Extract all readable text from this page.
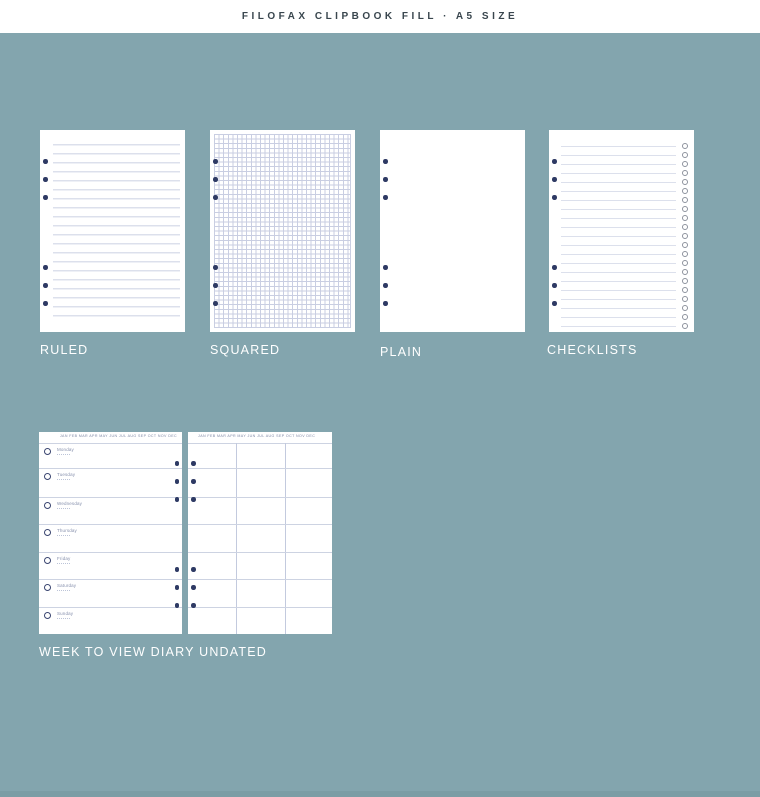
FILOFAX CLIPBOOK FILL · A5 SIZE
RULED	SQUARED	PLAIN	CHECKLISTS
JAN FEB MAR APR MAY JUN JUL AUG SEP OCT NOV DEC
Monday
Tuesday
Wednesday
Thursday
Friday
Saturday
Sunday
JAN FEB MAR APR MAY JUN JUL AUG SEP OCT NOV DEC
WEEK TO VIEW DIARY UNDATED
